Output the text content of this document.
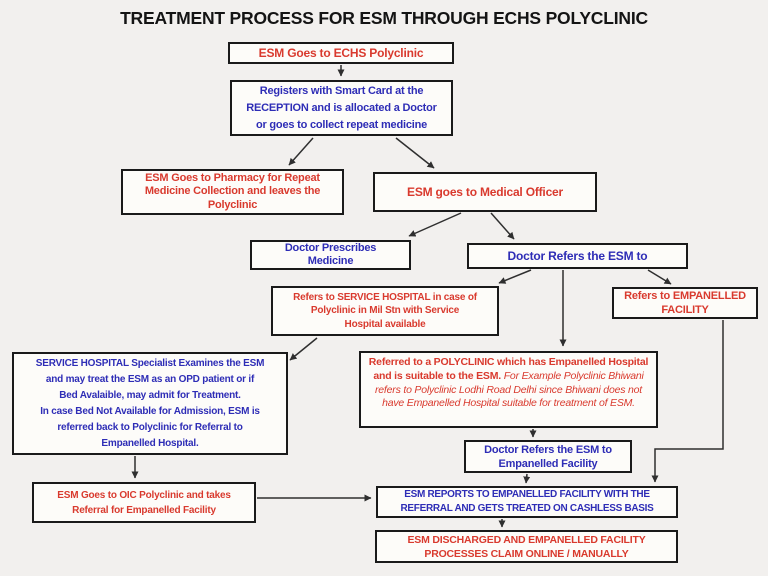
TREATMENT PROCESS FOR ESM THROUGH ECHS POLYCLINIC
ESM Goes to ECHS Polyclinic
Registers with Smart Card at the
RECEPTION and is allocated a Doctor
or goes to collect repeat medicine
ESM Goes to Pharmacy for Repeat
Medicine Collection and leaves the
Polyclinic
ESM goes to Medical Officer
Doctor Prescribes
Medicine	Doctor Refers the ESM to
Refers to SERVICE HOSPITAL in case of
Polyclinic in Mil Stn with Service
Hospital available
Refers to EMPANELLED
FACILITY
SERVICE HOSPITAL Specialist Examines the ESM
and may treat the ESM as an OPD patient or if
Bed Avalaible, may admit for Treatment.
In case Bed Not Available for Admission, ESM is
referred back to Polyclinic for Referral to
Empanelled Hospital.
Referred to a POLYCLINIC which has Empanelled Hospital and is suitable to the ESM. For Example Polyclinic Bhiwani refers to Polyclinic Lodhi Road Delhi since Bhiwani does not have Empanelled Hospital suitable for treatment of ESM.
Doctor Refers the ESM to
Empanelled Facility
ESM Goes to OIC Polyclinic and takes
Referral for Empanelled Facility
ESM REPORTS TO EMPANELLED FACILITY WITH THE
REFERRAL AND GETS TREATED ON CASHLESS BASIS
ESM DISCHARGED AND EMPANELLED FACILITY
PROCESSES CLAIM ONLINE / MANUALLY
